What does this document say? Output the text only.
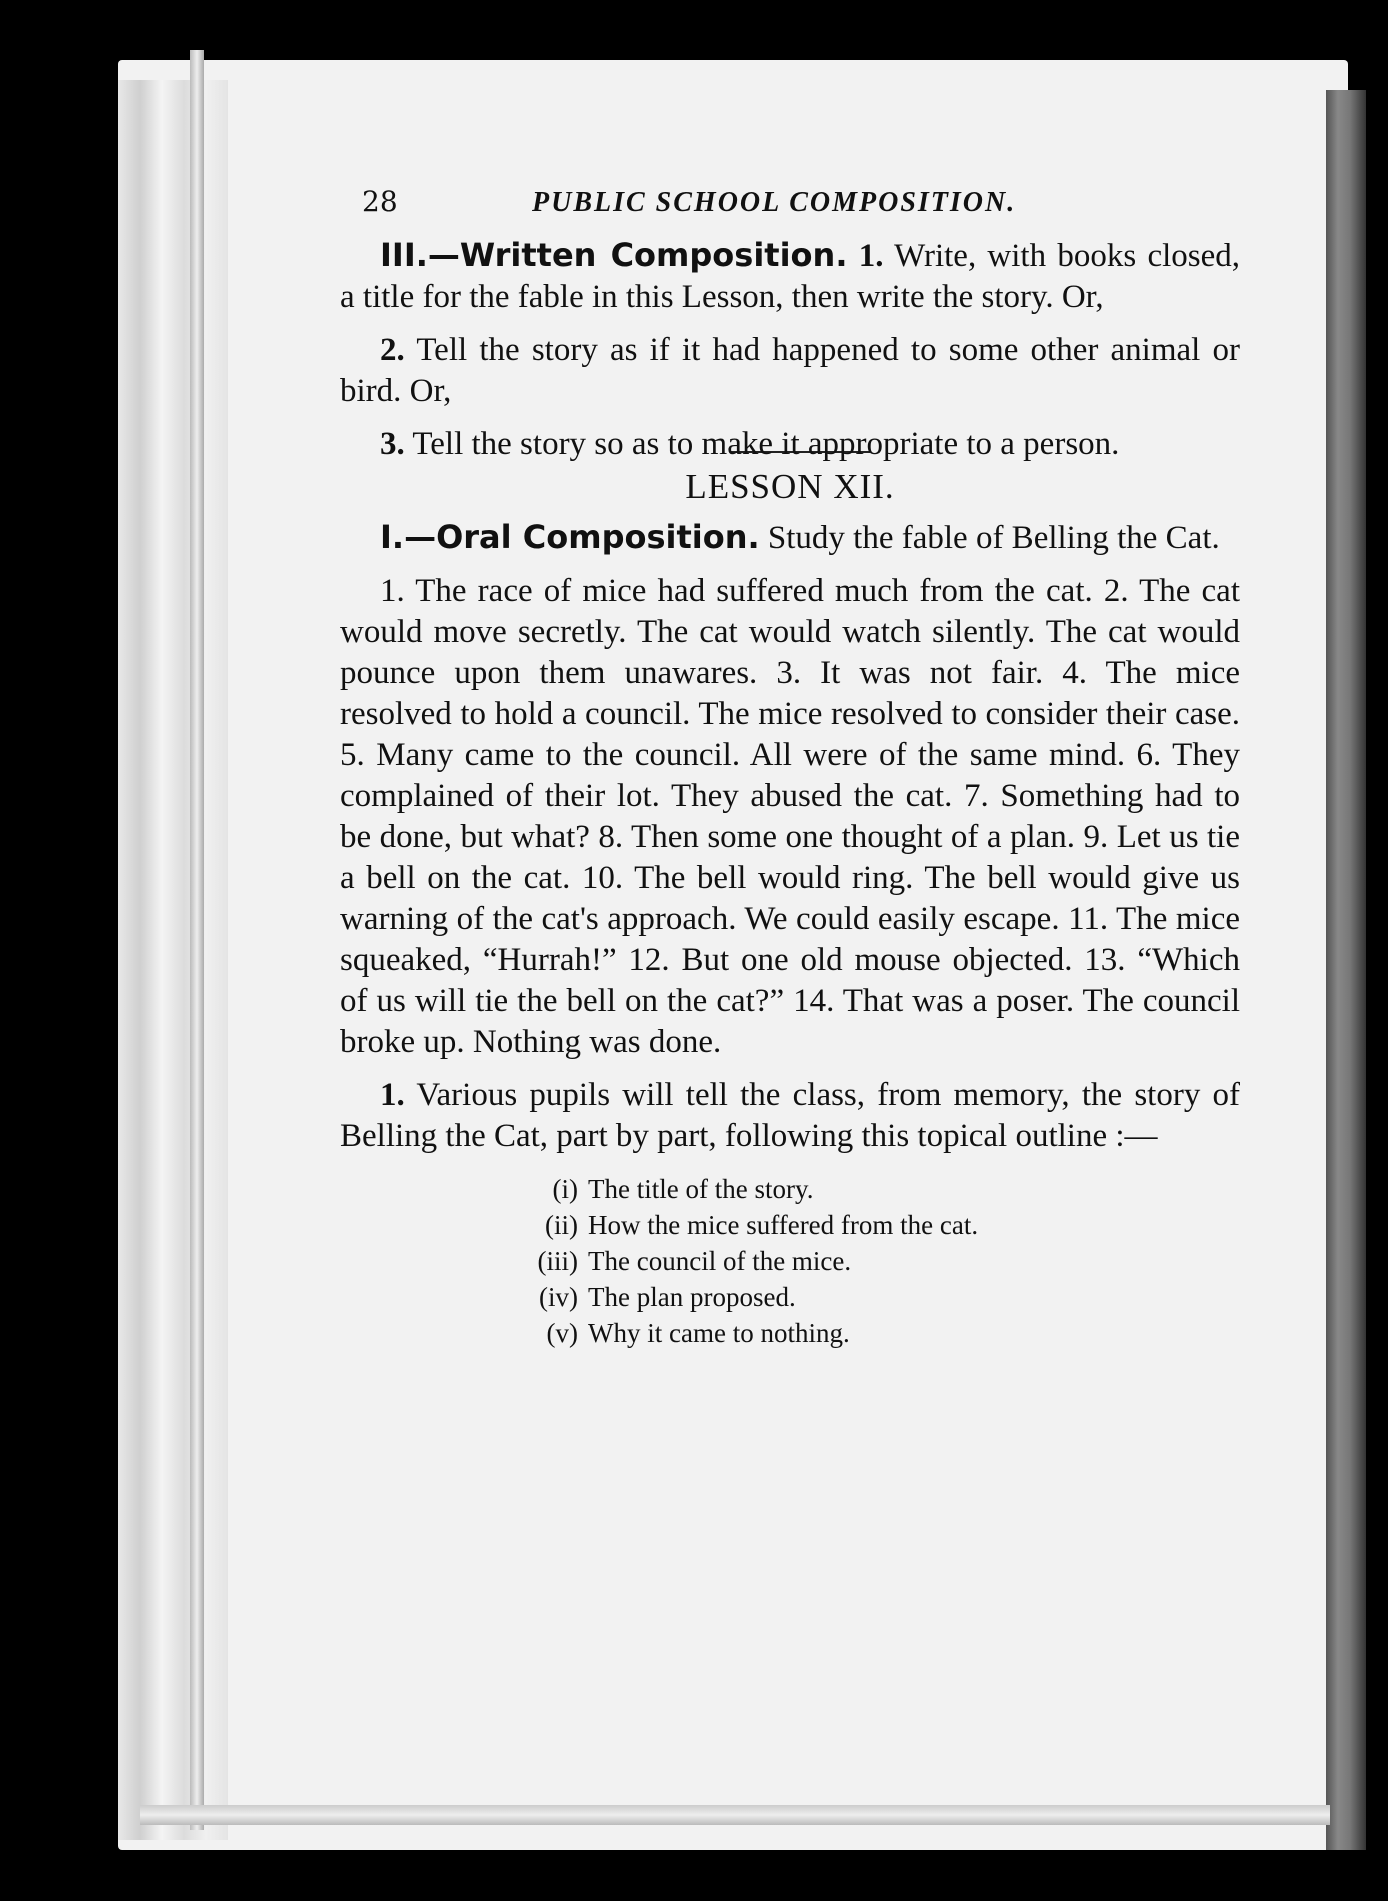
28	PUBLIC SCHOOL COMPOSITION.

III.—Written Composition. 1. Write, with books closed, a title for the fable in this Lesson, then write the story. Or,

2. Tell the story as if it had happened to some other animal or bird. Or,

3. Tell the story so as to make it appropriate to a person.

LESSON XII.

I.—Oral Composition. Study the fable of Belling the Cat.

1. The race of mice had suffered much from the cat. 2. The cat would move secretly. The cat would watch silently. The cat would pounce upon them unawares. 3. It was not fair. 4. The mice resolved to hold a council. The mice resolved to consider their case. 5. Many came to the council. All were of the same mind. 6. They complained of their lot. They abused the cat. 7. Something had to be done, but what? 8. Then some one thought of a plan. 9. Let us tie a bell on the cat. 10. The bell would ring. The bell would give us warning of the cat's approach. We could easily escape. 11. The mice squeaked, “Hurrah!” 12. But one old mouse objected. 13. “Which of us will tie the bell on the cat?” 14. That was a poser. The council broke up. Nothing was done.

1. Various pupils will tell the class, from memory, the story of Belling the Cat, part by part, following this topical outline :—

(i) The title of the story.
(ii) How the mice suffered from the cat.
(iii) The council of the mice.
(iv) The plan proposed.
(v) Why it came to nothing.
